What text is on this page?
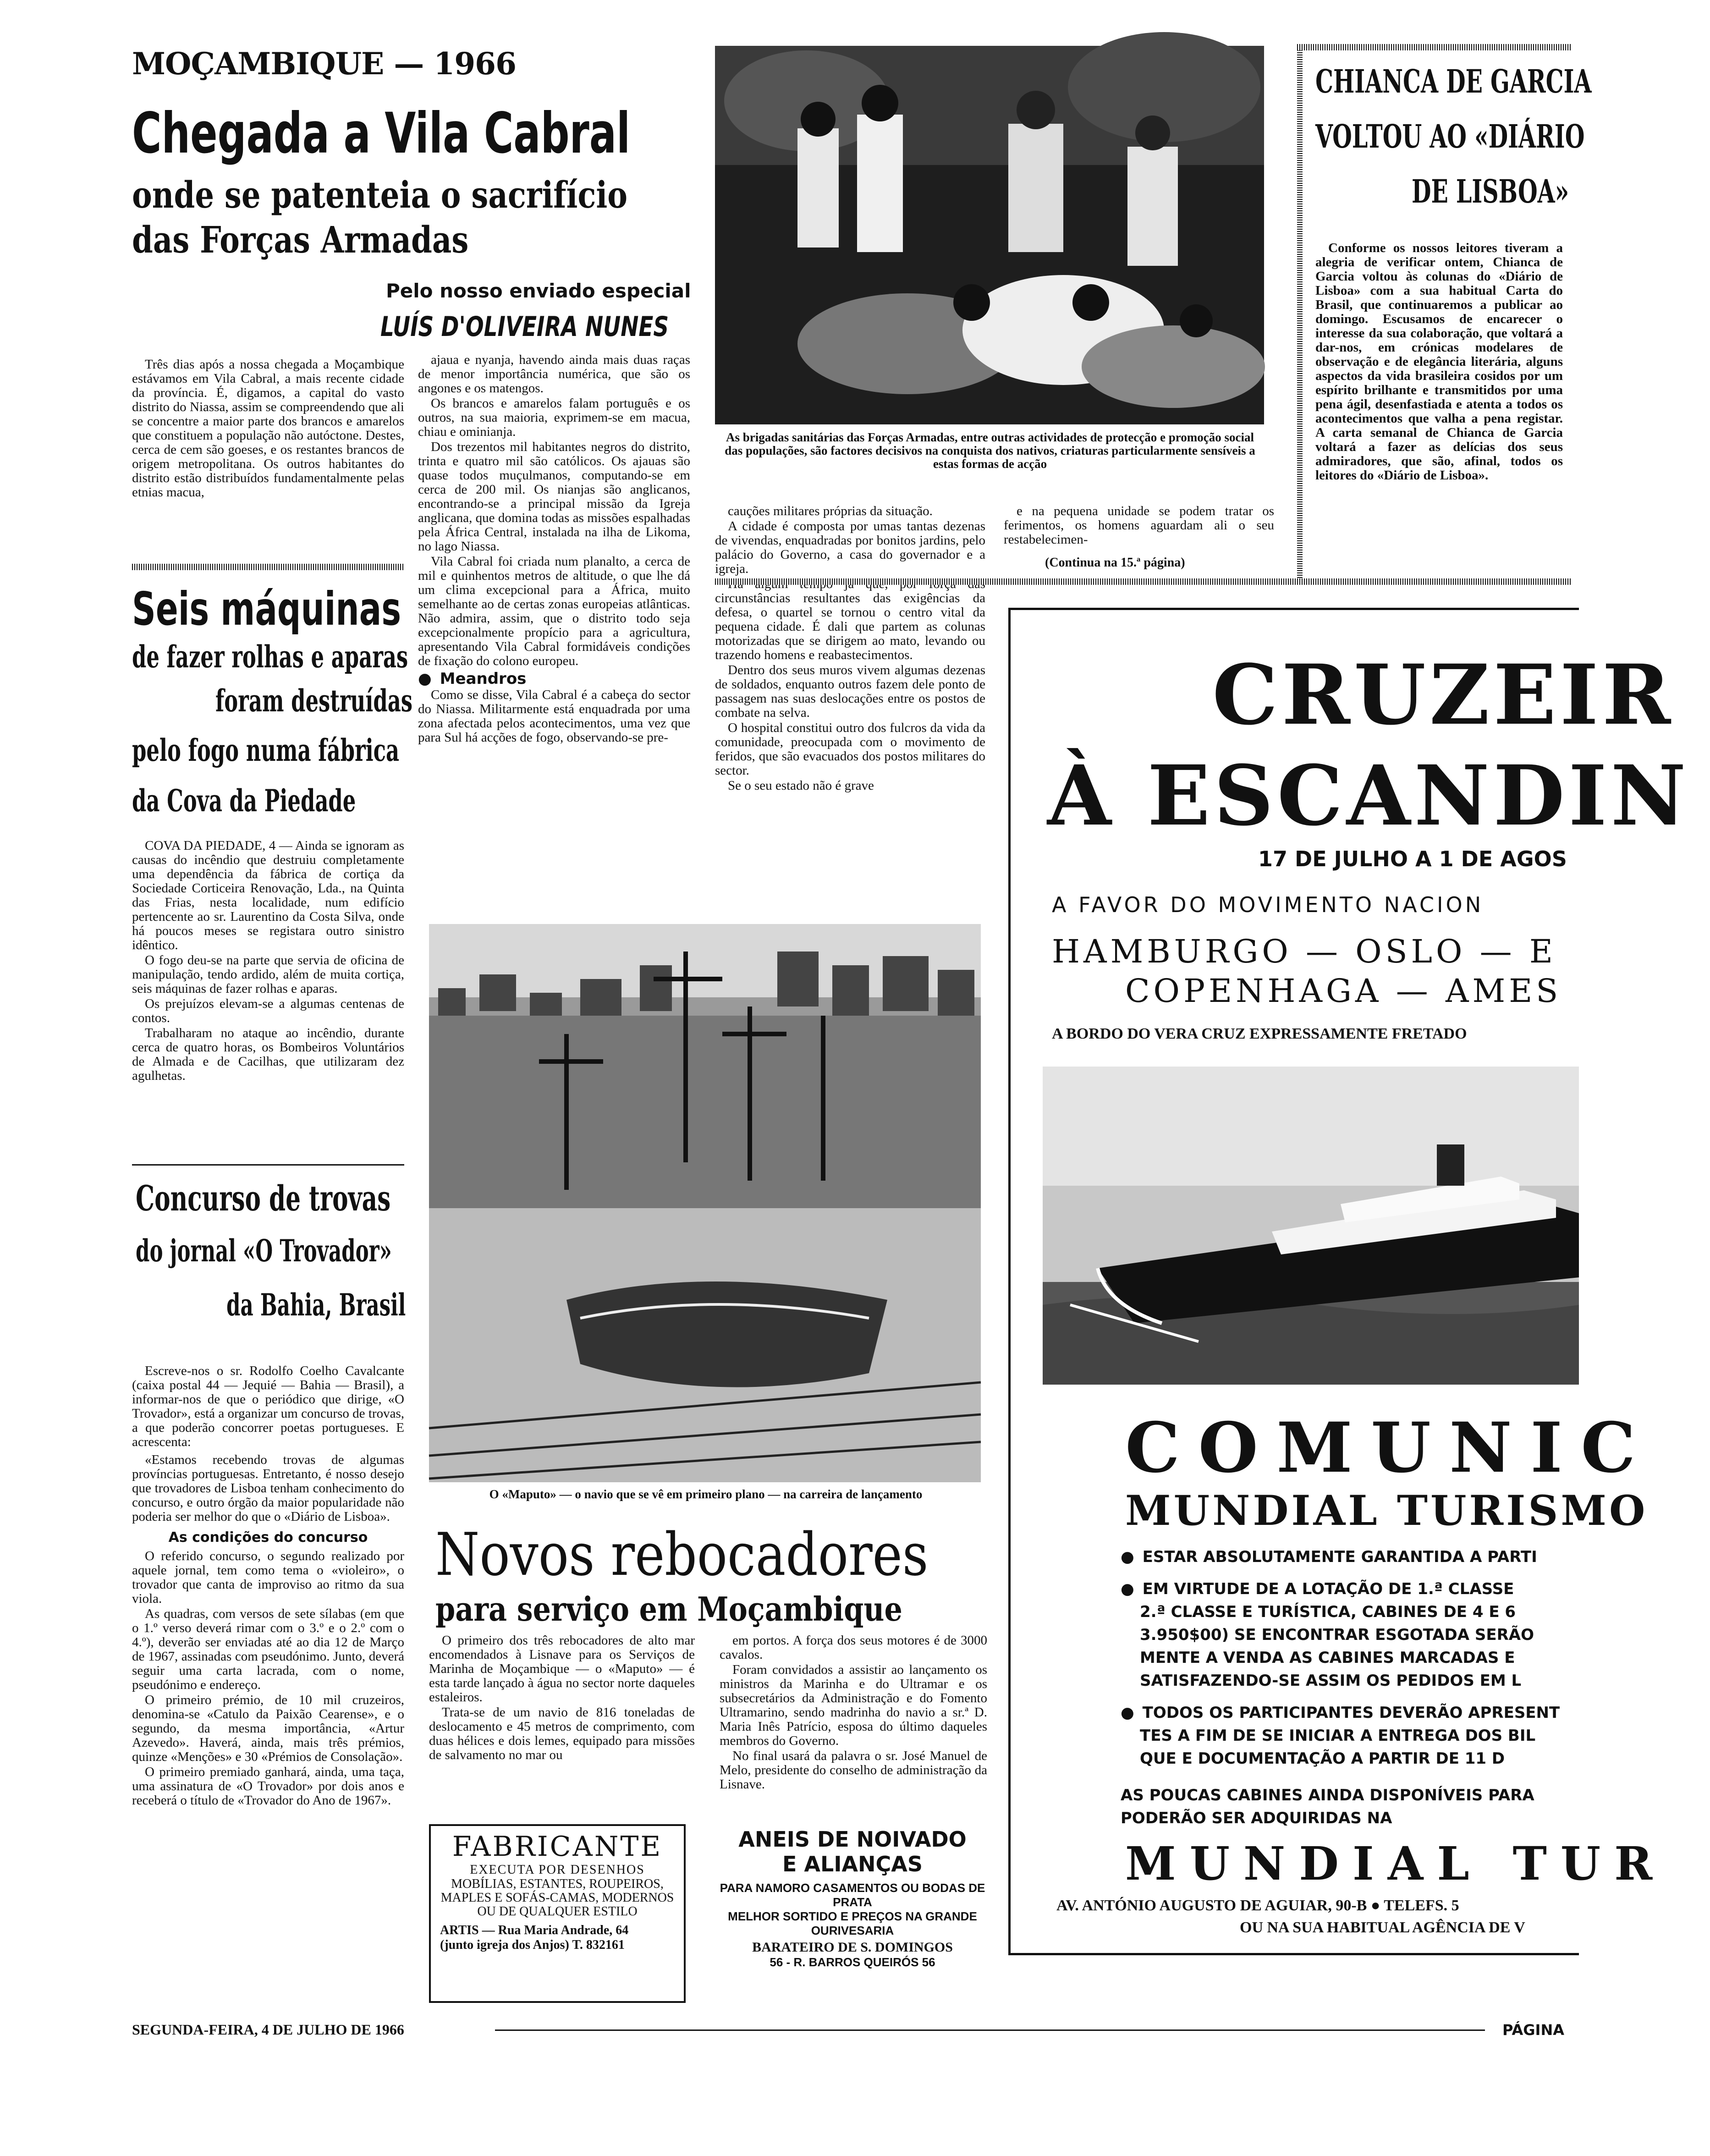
MOÇAMBIQUE — 1966
Chegada a Vila Cabral
onde se patenteia o sacrifício
das Forças Armadas
Pelo nosso enviado especial
LUÍS D'OLIVEIRA NUNES

Três dias após a nossa chegada a Moçambique estávamos em Vila Cabral, a mais recente cidade da província. É, digamos, a capital do vasto distrito do Niassa, assim se compreendendo que ali se concentre a maior parte dos brancos e amarelos que constituem a população não autóctone. Destes, cerca de cem são goeses, e os restantes brancos de origem metropolitana. Os outros habitantes do distrito estão distribuídos fundamentalmente pelas etnias macua,

ajaua e nyanja, havendo ainda mais duas raças de menor importância numérica, que são os angones e os matengos.

Os brancos e amarelos falam português e os outros, na sua maioria, exprimem-se em macua, chiau e ominianja.

Dos trezentos mil habitantes negros do distrito, trinta e quatro mil são católicos. Os ajauas são quase todos muçulmanos, computando-se em cerca de 200 mil. Os nianjas são anglicanos, encontrando-se a principal missão da Igreja anglicana, que domina todas as missões espalhadas pela África Central, instalada na ilha de Likoma, no lago Niassa.

Vila Cabral foi criada num planalto, a cerca de mil e quinhentos metros de altitude, o que lhe dá um clima excepcional para a África, muito semelhante ao de certas zonas europeias atlânticas. Não admira, assim, que o distrito todo seja excepcionalmente propício para a agricultura, apresentando Vila Cabral formidáveis condições de fixação do colono europeu.

● Meandros

Como se disse, Vila Cabral é a cabeça do sector do Niassa. Militarmente está enquadrada por uma zona afectada pelos acontecimentos, uma vez que para Sul há acções de fogo, observando-se pre-

As brigadas sanitárias das Forças Armadas, entre outras actividades de protecção e promoção social das populações, são factores decisivos na conquista dos nativos, criaturas particularmente sensíveis a estas formas de acção

cauções militares próprias da situação.

A cidade é composta por umas tantas dezenas de vivendas, enquadradas por bonitos jardins, pelo palácio do Governo, a casa do governador e a igreja.

circunstâncias resultantes das exigências da defesa, o quartel se tornou o centro vital da pequena cidade. É dali que partem as colunas motorizadas que se dirigem ao mato, levando ou trazendo homens e reabastecimentos.

Dentro dos seus muros vivem algumas dezenas de soldados, enquanto outros fazem dele ponto de passagem nas suas deslocações entre os postos de combate na selva.

O hospital constitui outro dos fulcros da vida da comunidade, preocupada com o movimento de feridos, que são evacuados dos postos militares do sector.

Se o seu estado não é grave

e na pequena unidade se podem tratar os ferimentos, os homens aguardam ali o seu restabelecimen-

(Continua na 15.ª página)
CHIANCA DE GARCIA
VOLTOU AO «DIÁRIO
DE LISBOA»
Conforme os nossos leitores tiveram a alegria de verificar ontem, Chianca de Garcia voltou às colunas do «Diário de Lisboa» com a sua habitual Carta do Brasil, que continuaremos a publicar ao domingo. Escusamos de encarecer o interesse da sua colaboração, que voltará a dar-nos, em crónicas modelares de observação e de elegância literária, alguns aspectos da vida brasileira cosidos por um espírito brilhante e transmitidos por uma pena ágil, desenfastiada e atenta a todos os acontecimentos que valha a pena registar. A carta semanal de Chianca de Garcia voltará a fazer as delícias dos seus admiradores, que são, afinal, todos os leitores do «Diário de Lisboa».
Seis máquinas
de fazer rolhas e aparas
foram destruídas
pelo fogo numa fábrica
da Cova da Piedade

COVA DA PIEDADE, 4 — Ainda se ignoram as causas do incêndio que destruiu completamente uma dependência da fábrica de cortiça da Sociedade Corticeira Renovação, Lda., na Quinta das Frias, nesta localidade, num edifício pertencente ao sr. Laurentino da Costa Silva, onde há poucos meses se registara outro sinistro idêntico.

O fogo deu-se na parte que servia de oficina de manipulação, tendo ardido, além de muita cortiça, seis máquinas de fazer rolhas e aparas.

Os prejuízos elevam-se a algumas centenas de contos.

Trabalharam no ataque ao incêndio, durante cerca de quatro horas, os Bombeiros Voluntários de Almada e de Cacilhas, que utilizaram dez agulhetas.

Concurso de trovas
do jornal «O Trovador»
da Bahia, Brasil

Escreve-nos o sr. Rodolfo Coelho Cavalcante (caixa postal 44 — Jequié — Bahia — Brasil), a informar-nos de que o periódico que dirige, «O Trovador», está a organizar um concurso de trovas, a que poderão concorrer poetas portugueses. E acrescenta:

«Estamos recebendo trovas de algumas províncias portuguesas. Entretanto, é nosso desejo que trovadores de Lisboa tenham conhecimento do concurso, e outro órgão da maior popularidade não poderia ser melhor do que o «Diário de Lisboa».

As condições do concurso

O referido concurso, o segundo realizado por aquele jornal, tem como tema o «violeiro», o trovador que canta de improviso ao ritmo da sua viola.

As quadras, com versos de sete sílabas (em que o 1.º verso deverá rimar com o 3.º e o 2.º com o 4.º), deverão ser enviadas até ao dia 12 de Março de 1967, assinadas com pseudónimo. Junto, deverá seguir uma carta lacrada, com o nome, pseudónimo e endereço.

O primeiro prémio, de 10 mil cruzeiros, denomina-se «Catulo da Paixão Cearense», e o segundo, da mesma importância, «Artur Azevedo». Haverá, ainda, mais três prémios, quinze «Menções» e 30 «Prémios de Consolação».

O primeiro premiado ganhará, ainda, uma taça, uma assinatura de «O Trovador» por dois anos e receberá o título de «Trovador do Ano de 1967».

O «Maputo» — o navio que se vê em primeiro plano — na carreira de lançamento
Novos rebocadores
para serviço em Moçambique

O primeiro dos três rebocadores de alto mar encomendados à Lisnave para os Serviços de Marinha de Moçambique — o «Maputo» — é esta tarde lançado à água no sector norte daqueles estaleiros.

Trata-se de um navio de 816 toneladas de deslocamento e 45 metros de comprimento, com duas hélices e dois lemes, equipado para missões de salvamento no mar ou

em portos. A força dos seus motores é de 3000 cavalos.

Foram convidados a assistir ao lançamento os ministros da Marinha e do Ultramar e os subsecretários da Administração e do Fomento Ultramarino, sendo madrinha do navio a sr.ª D. Maria Inês Patrício, esposa do último daqueles membros do Governo.

No final usará da palavra o sr. José Manuel de Melo, presidente do conselho de administração da Lisnave.

FABRICANTE
EXECUTA POR DESENHOS
MOBÍLIAS, ESTANTES, ROUPEIROS, MAPLES E SOFÁS-CAMAS, MODERNOS OU DE QUALQUER ESTILO
ARTIS — Rua Maria Andrade, 64
(junto igreja dos Anjos) T. 832161
ANEIS DE NOIVADO
E ALIANÇAS
PARA NAMORO CASAMENTOS OU BODAS DE PRATA
MELHOR SORTIDO E PREÇOS NA GRANDE OURIVESARIA
BARATEIRO DE S. DOMINGOS
56 - R. BARROS QUEIRÓS 56
CRUZEIR
À ESCANDIN
17 DE JULHO A 1 DE AGOS
A FAVOR DO MOVIMENTO NACION
HAMBURGO — OSLO — E
COPENHAGA — AMES
A BORDO DO VERA CRUZ EXPRESSAMENTE FRETADO
COMUNIC
MUNDIAL TURISMO
● ESTAR ABSOLUTAMENTE GARANTIDA A PARTI
● EM VIRTUDE DE A LOTAÇÃO DE 1.ª CLASSE
2.ª CLASSE E TURÍSTICA, CABINES DE 4 E 6
3.950$00) SE ENCONTRAR ESGOTADA SERÃO
MENTE A VENDA AS CABINES MARCADAS E
SATISFAZENDO-SE ASSIM OS PEDIDOS EM L
● TODOS OS PARTICIPANTES DEVERÃO APRESENT
TES A FIM DE SE INICIAR A ENTREGA DOS BIL
QUE E DOCUMENTAÇÃO A PARTIR DE 11 D
AS POUCAS CABINES AINDA DISPONÍVEIS PARA
PODERÃO SER ADQUIRIDAS NA
MUNDIAL TUR
AV. ANTÓNIO AUGUSTO DE AGUIAR, 90-B ● TELEFS. 5
OU NA SUA HABITUAL AGÊNCIA DE V
SEGUNDA-FEIRA, 4 DE JULHO DE 1966	PÁGINA
